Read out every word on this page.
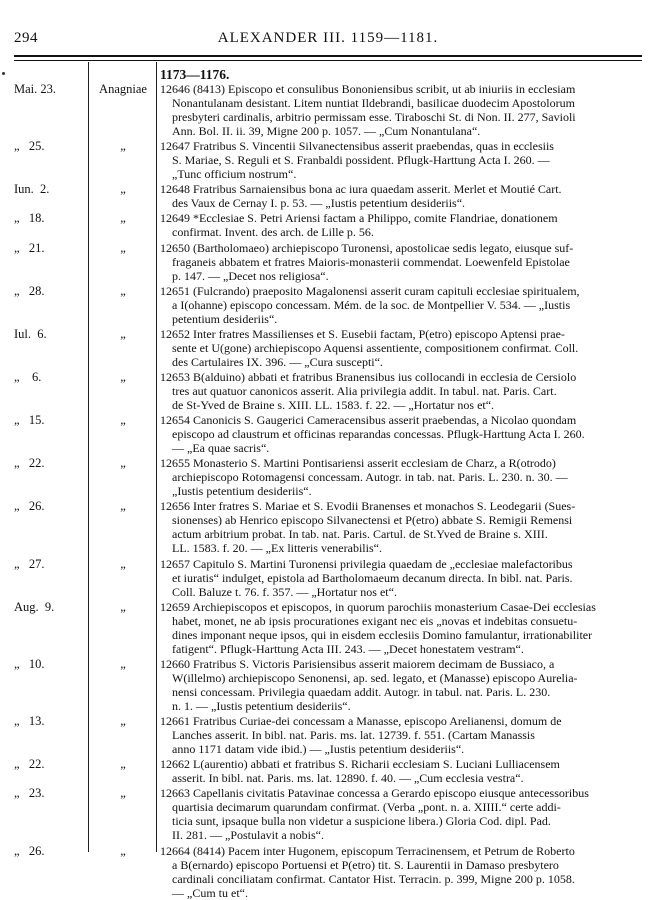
294	ALEXANDER III. 1159—1181.
1173—1176.
Mai. 23.	Anagniae	12646 (8413) Episcopo et consulibus Bononiensibus scribit, ut ab iniuriis in ecclesiam
Nonantulanam desistant. Litem nuntiat Ildebrandi, basilicae duodecim Apostolorum
presbyteri cardinalis, arbitrio permissam esse. Tiraboschi St. di Non. II. 277, Savioli
Ann. Bol. II. ii. 39, Migne 200 p. 1057. — „Cum Nonantulana“.
„   25.	„	12647 Fratribus S. Vincentii Silvanectensibus asserit praebendas, quas in ecclesiis
S. Mariae, S. Reguli et S. Franbaldi possident. Pflugk-Harttung Acta I. 260. —
„Tunc officium nostrum“.
Iun.  2.	„	12648 Fratribus Sarnaiensibus bona ac iura quaedam asserit. Merlet et Moutié Cart.
des Vaux de Cernay I. p. 53. — „Iustis petentium desideriis“.
„   18.	„	12649 *Ecclesiae S. Petri Ariensi factam a Philippo, comite Flandriae, donationem
confirmat. Invent. des arch. de Lille p. 56.
„   21.	„	12650 (Bartholomaeo) archiepiscopo Turonensi, apostolicae sedis legato, eiusque suf-
fraganeis abbatem et fratres Maioris-monasterii commendat. Loewenfeld Epistolae
p. 147. — „Decet nos religiosa“.
„   28.	„	12651 (Fulcrando) praeposito Magalonensi asserit curam capituli ecclesiae spiritualem,
a I(ohanne) episcopo concessam. Mém. de la soc. de Montpellier V. 534. — „Iustis
petentium desideriis“.
Iul.  6.	„	12652 Inter fratres Massilienses et S. Eusebii factam, P(etro) episcopo Aptensi prae-
sente et U(gone) archiepiscopo Aquensi assentiente, compositionem confirmat. Coll.
des Cartulaires IX. 396. — „Cura suscepti“.
„    6.	„	12653 B(alduino) abbati et fratribus Branensibus ius collocandi in ecclesia de Cersiolo
tres aut quatuor canonicos asserit. Alia privilegia addit. In tabul. nat. Paris. Cart.
de St-Yved de Braine s. XIII. LL. 1583. f. 22. — „Hortatur nos et“.
„   15.	„	12654 Canonicis S. Gaugerici Cameracensibus asserit praebendas, a Nicolao quondam
episcopo ad claustrum et officinas reparandas concessas. Pflugk-Harttung Acta I. 260.
— „Ea quae sacris“.
„   22.	„	12655 Monasterio S. Martini Pontisariensi asserit ecclesiam de Charz, a R(otrodo)
archiepiscopo Rotomagensi concessam. Autogr. in tab. nat. Paris. L. 230. n. 30. —
„Iustis petentium desideriis“.
„   26.	„	12656 Inter fratres S. Mariae et S. Evodii Branenses et monachos S. Leodegarii (Sues-
sionenses) ab Henrico episcopo Silvanectensi et P(etro) abbate S. Remigii Remensi
actum arbitrium probat. In tab. nat. Paris. Cartul. de St.Yved de Braine s. XIII.
LL. 1583. f. 20. — „Ex litteris venerabilis“.
„   27.	„	12657 Capitulo S. Martini Turonensi privilegia quaedam de „ecclesiae malefactoribus
et iuratis“ indulget, epistola ad Bartholomaeum decanum directa. In bibl. nat. Paris.
Coll. Baluze t. 76. f. 357. — „Hortatur nos et“.
Aug.  9.	„	12659 Archiepiscopos et episcopos, in quorum parochiis monasterium Casae-Dei ecclesias
habet, monet, ne ab ipsis procurationes exigant nec eis „novas et indebitas consuetu-
dines imponant neque ipsos, qui in eisdem ecclesiis Domino famulantur, irrationabiliter
fatigent“. Pflugk-Harttung Acta III. 243. — „Decet honestatem vestram“.
„   10.	„	12660 Fratribus S. Victoris Parisiensibus asserit maiorem decimam de Bussiaco, a
W(illelmo) archiepiscopo Senonensi, ap. sed. legato, et (Manasse) episcopo Aurelia-
nensi concessam. Privilegia quaedam addit. Autogr. in tabul. nat. Paris. L. 230.
n. 1. — „Iustis petentium desideriis“.
„   13.	„	12661 Fratribus Curiae-dei concessam a Manasse, episcopo Arelianensi, domum de
Lanches asserit. In bibl. nat. Paris. ms. lat. 12739. f. 551. (Cartam Manassis
anno 1171 datam vide ibid.) — „Iustis petentium desideriis“.
„   22.	„	12662 L(aurentio) abbati et fratribus S. Richarii ecclesiam S. Luciani Lulliacensem
asserit. In bibl. nat. Paris. ms. lat. 12890. f. 40. — „Cum ecclesia vestra“.
„   23.	„	12663 Capellanis civitatis Patavinae concessa a Gerardo episcopo eiusque antecessoribus
quartisia decimarum quarundam confirmat. (Verba „pont. n. a. XIIII.“ certe addi-
ticia sunt, ipsaque bulla non videtur a suspicione libera.) Gloria Cod. dipl. Pad.
II. 281. — „Postulavit a nobis“.
„   26.	„	12664 (8414) Pacem inter Hugonem, episcopum Terracinensem, et Petrum de Roberto
a B(ernardo) episcopo Portuensi et P(etro) tit. S. Laurentii in Damaso presbytero
cardinali conciliatam confirmat. Cantator Hist. Terracin. p. 399, Migne 200 p. 1058.
— „Cum tu et“.
